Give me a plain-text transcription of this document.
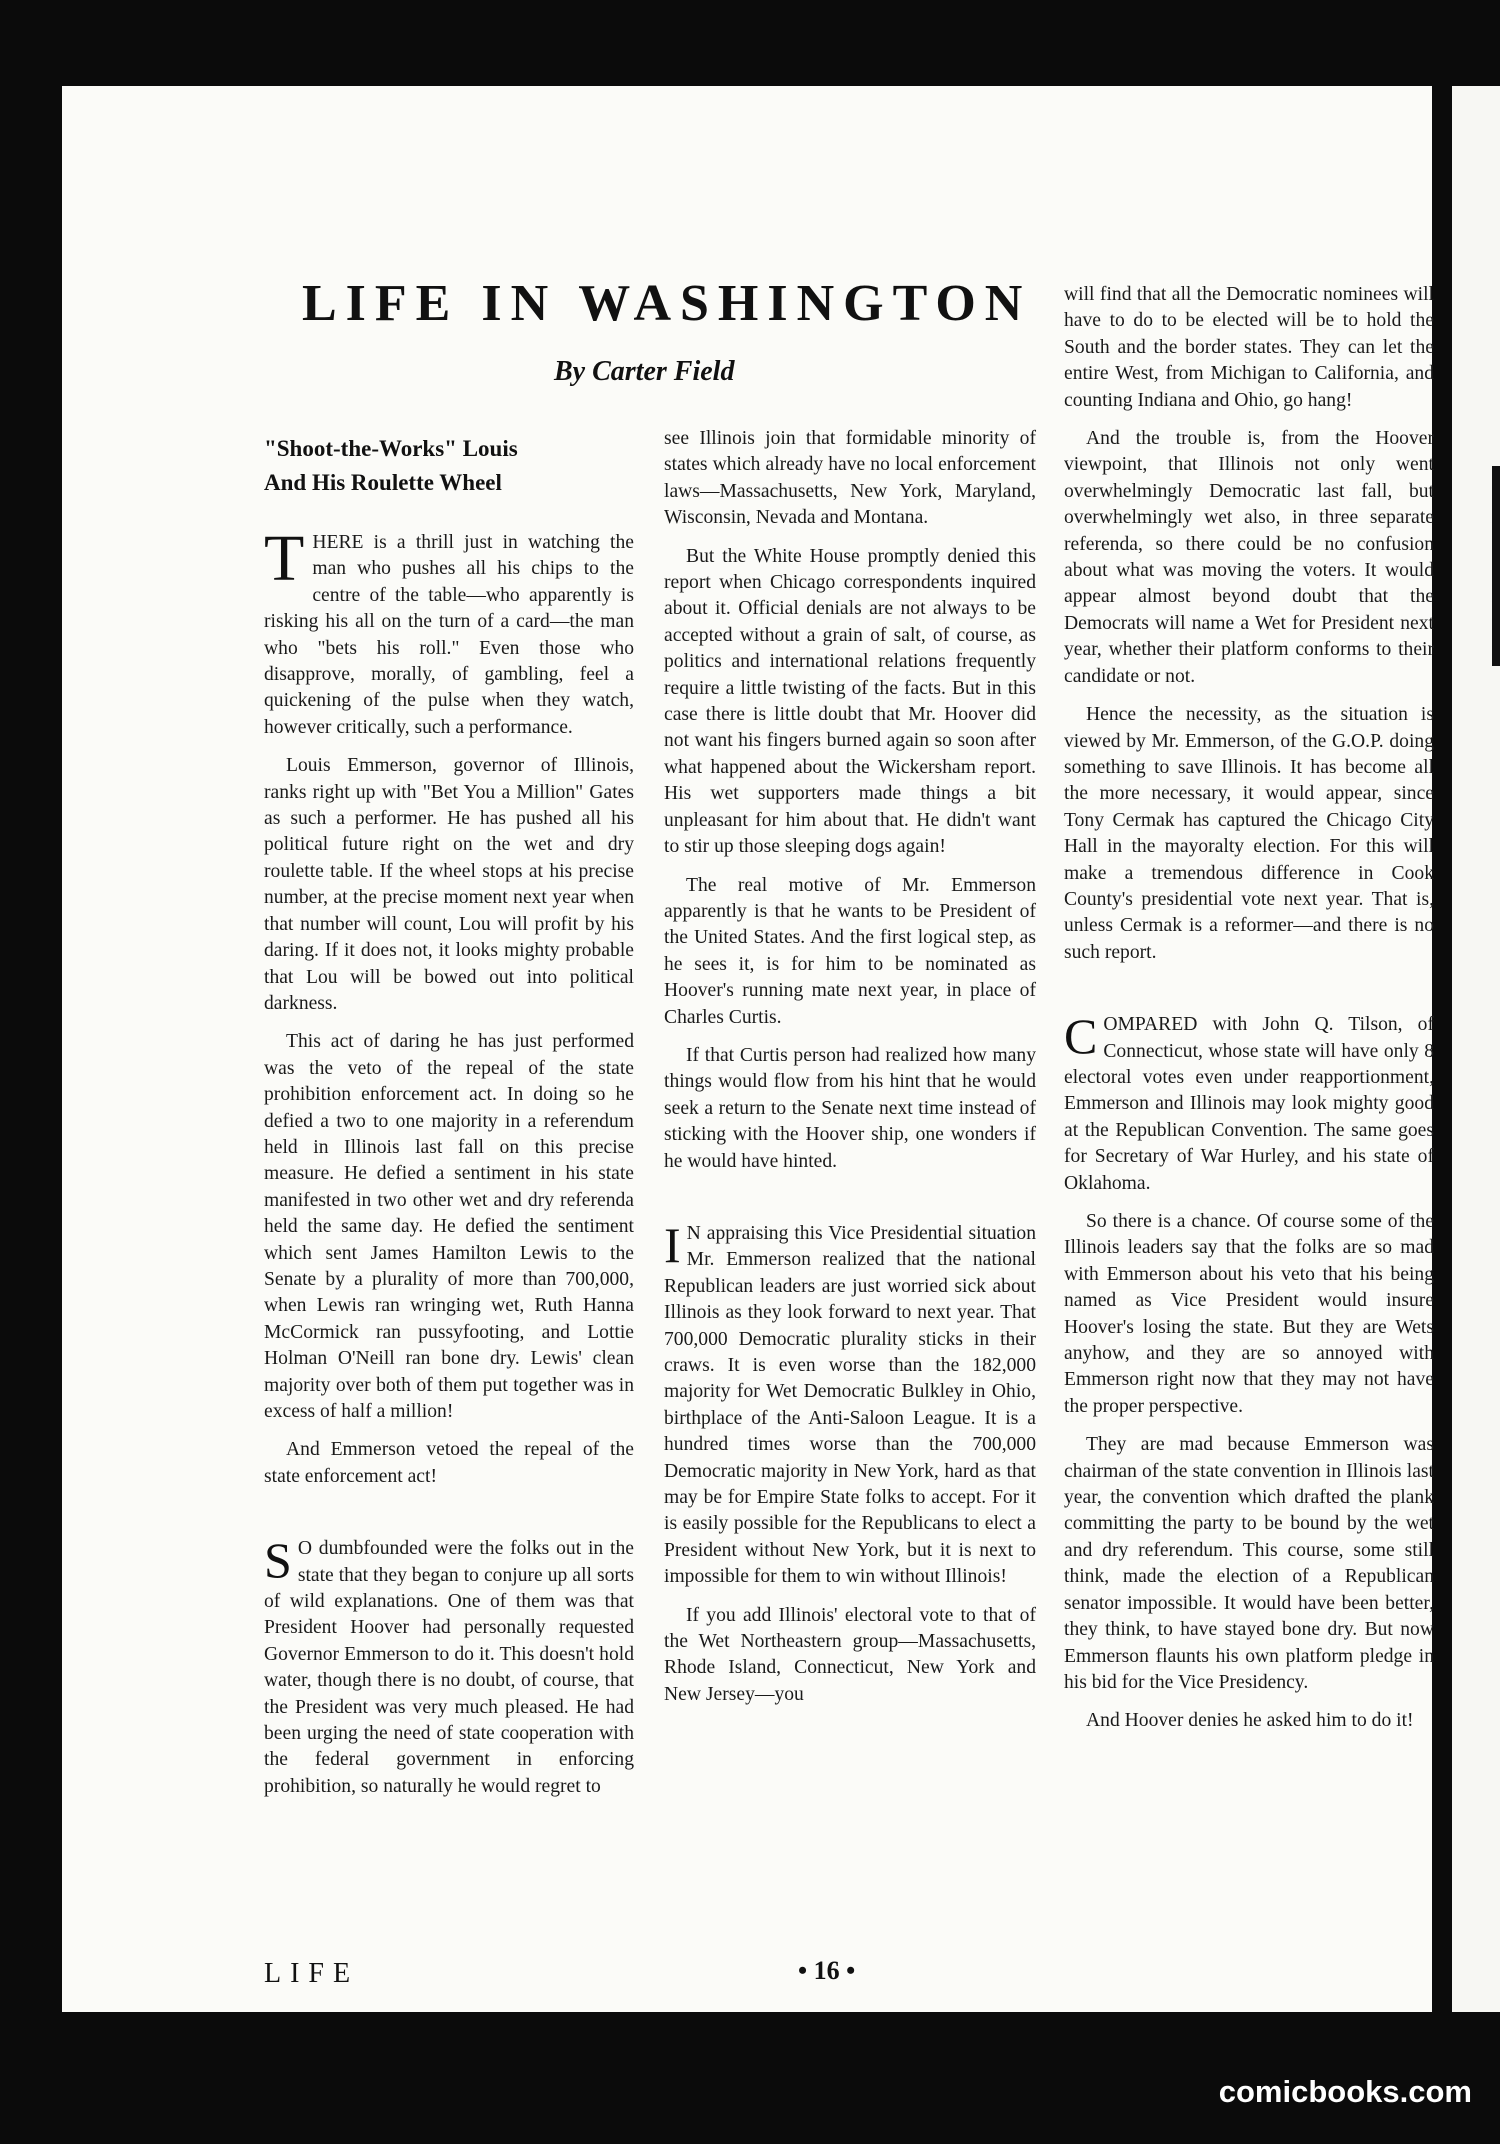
LIFE IN WASHINGTON
By Carter Field
"Shoot-the-Works" Louis
And His Roulette Wheel

THERE is a thrill just in watching the man who pushes all his chips to the centre of the table—who apparently is risking his all on the turn of a card—the man who "bets his roll." Even those who disapprove, morally, of gambling, feel a quickening of the pulse when they watch, however critically, such a performance.

Louis Emmerson, governor of Illinois, ranks right up with "Bet You a Million" Gates as such a performer. He has pushed all his political future right on the wet and dry roulette table. If the wheel stops at his precise number, at the precise moment next year when that number will count, Lou will profit by his daring. If it does not, it looks mighty probable that Lou will be bowed out into political darkness.

This act of daring he has just performed was the veto of the repeal of the state prohibition enforcement act. In doing so he defied a two to one majority in a referendum held in Illinois last fall on this precise measure. He defied a sentiment in his state manifested in two other wet and dry referenda held the same day. He defied the sentiment which sent James Hamilton Lewis to the Senate by a plurality of more than 700,000, when Lewis ran wringing wet, Ruth Hanna McCormick ran pussyfooting, and Lottie Holman O'Neill ran bone dry. Lewis' clean majority over both of them put together was in excess of half a million!

And Emmerson vetoed the repeal of the state enforcement act!

S O dumbfounded were the folks out in the state that they began to conjure up all sorts of wild explanations. One of them was that President Hoover had personally requested Governor Emmerson to do it. This doesn't hold water, though there is no doubt, of course, that the President was very much pleased. He had been urging the need of state cooperation with the federal government in enforcing prohibition, so naturally he would regret to

see Illinois join that formidable minority of states which already have no local enforcement laws—Massachusetts, New York, Maryland, Wisconsin, Nevada and Montana.

But the White House promptly denied this report when Chicago correspondents inquired about it. Official denials are not always to be accepted without a grain of salt, of course, as politics and international relations frequently require a little twisting of the facts. But in this case there is little doubt that Mr. Hoover did not want his fingers burned again so soon after what happened about the Wickersham report. His wet supporters made things a bit unpleasant for him about that. He didn't want to stir up those sleeping dogs again!

The real motive of Mr. Emmerson apparently is that he wants to be President of the United States. And the first logical step, as he sees it, is for him to be nominated as Hoover's running mate next year, in place of Charles Curtis.

If that Curtis person had realized how many things would flow from his hint that he would seek a return to the Senate next time instead of sticking with the Hoover ship, one wonders if he would have hinted.

I N appraising this Vice Presidential situation Mr. Emmerson realized that the national Republican leaders are just worried sick about Illinois as they look forward to next year. That 700,000 Democratic plurality sticks in their craws. It is even worse than the 182,000 majority for Wet Democratic Bulkley in Ohio, birthplace of the Anti-Saloon League. It is a hundred times worse than the 700,000 Democratic majority in New York, hard as that may be for Empire State folks to accept. For it is easily possible for the Republicans to elect a President without New York, but it is next to impossible for them to win without Illinois!

If you add Illinois' electoral vote to that of the Wet Northeastern group—Massachusetts, Rhode Island, Connecticut, New York and New Jersey—you

will find that all the Democratic nominees will have to do to be elected will be to hold the South and the border states. They can let the entire West, from Michigan to California, and counting Indiana and Ohio, go hang!

And the trouble is, from the Hoover viewpoint, that Illinois not only went overwhelmingly Democratic last fall, but overwhelmingly wet also, in three separate referenda, so there could be no confusion about what was moving the voters. It would appear almost beyond doubt that the Democrats will name a Wet for President next year, whether their platform conforms to their candidate or not.

Hence the necessity, as the situation is viewed by Mr. Emmerson, of the G.O.P. doing something to save Illinois. It has become all the more necessary, it would appear, since Tony Cermak has captured the Chicago City Hall in the mayoralty election. For this will make a tremendous difference in Cook County's presidential vote next year. That is, unless Cermak is a reformer—and there is no such report.

COMPARED with John Q. Tilson, of Connecticut, whose state will have only 8 electoral votes even under reapportionment, Emmerson and Illinois may look mighty good at the Republican Convention. The same goes for Secretary of War Hurley, and his state of Oklahoma.

So there is a chance. Of course some of the Illinois leaders say that the folks are so mad with Emmerson about his veto that his being named as Vice President would insure Hoover's losing the state. But they are Wets anyhow, and they are so annoyed with Emmerson right now that they may not have the proper perspective.

They are mad because Emmerson was chairman of the state convention in Illinois last year, the convention which drafted the plank committing the party to be bound by the wet and dry referendum. This course, some still think, made the election of a Republican senator impossible. It would have been better, they think, to have stayed bone dry. But now Emmerson flaunts his own platform pledge in his bid for the Vice Presidency.

And Hoover denies he asked him to do it!

LIFE	• 16 •
comicbooks.com
